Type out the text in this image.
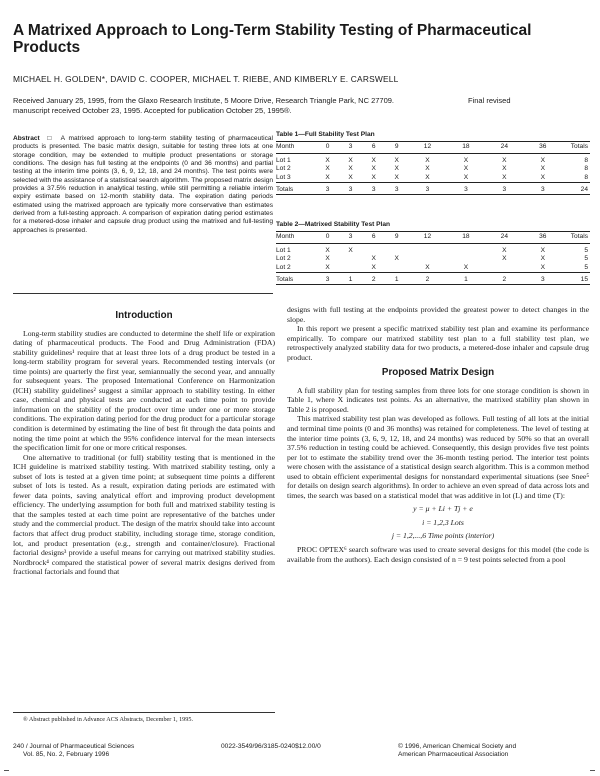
A Matrixed Approach to Long-Term Stability Testing of Pharmaceutical Products
MICHAEL H. GOLDEN*, DAVID C. COOPER, MICHAEL T. RIEBE, AND KIMBERLY E. CARSWELL
Received January 25, 1995, from the Glaxo Research Institute, 5 Moore Drive, Research Triangle Park, NC 27709.	Final revised
manuscript received October 23, 1995. Accepted for publication October 25, 1995®.
Abstract  □  A matrixed approach to long-term stability testing of pharmaceutical products is presented. The basic matrix design, suitable for testing three lots at one storage condition, may be extended to multiple product presentations or storage conditions. The design has full testing at the endpoints (0 and 36 months) and partial testing at the interim time points (3, 6, 9, 12, 18, and 24 months). The test points were selected with the assistance of a statistical search algorithm. The proposed matrix design provides a 37.5% reduction in analytical testing, while still permitting a reliable interim expiry estimate based on 12-month stability data. The expiration dating periods estimated using the matrixed approach are typically more conservative than estimates derived from a full-testing approach. A comparison of expiration dating period estimates for a metered-dose inhaler and capsule drug product using the matrixed and full-testing approaches is presented.
Table 1—Full Stability Test Plan
Month	0	3	6	9	12	18	24	36	Totals
Lot 1	X	X	X	X	X	X	X	X	8
Lot 2	X	X	X	X	X	X	X	X	8
Lot 3	X	X	X	X	X	X	X	X	8
Totals	3	3	3	3	3	3	3	3	24
Table 2—Matrixed Stability Test Plan
Month	0	3	6	9	12	18	24	36	Totals
Lot 1	X	X					X	X	5
Lot 2	X		X	X			X	X	5
Lot 2	X		X		X	X		X	5
Totals	3	1	2	1	2	1	2	3	15
Introduction

Long-term stability studies are conducted to determine the shelf life or expiration dating of pharmaceutical products. The Food and Drug Administration (FDA) stability guidelines¹ require that at least three lots of a drug product be tested in a long-term stability program for several years. Recommended testing intervals (or time points) are quarterly the first year, semiannually the second year, and annually for subsequent years. The proposed International Conference on Harmonization (ICH) stability guidelines² suggest a similar approach to stability testing. In either case, chemical and physical tests are conducted at each time point to provide information on the stability of the product over time under one or more storage conditions. The expiration dating period for the drug product for a particular storage condition is determined by estimating the line of best fit through the data points and noting the time point at which the 95% confidence interval for the mean intersects the specification limit for one or more critical responses.

One alternative to traditional (or full) stability testing that is mentioned in the ICH guideline is matrixed stability testing. With matrixed stability testing, only a subset of lots is tested at a given time point; at subsequent time points a different subset of lots is tested. As a result, expiration dating periods are estimated with fewer data points, saving analytical effort and improving product development efficiency. The underlying assumption for both full and matrixed stability testing is that the samples tested at each time point are representative of the batches under study and the commercial product. The design of the matrix should take into account factors that affect drug product stability, including storage time, storage condition, lot, and product presentation (e.g., strength and container/closure). Fractional factorial designs³ provide a useful means for carrying out matrixed stability studies. Nordbrock⁴ compared the statistical power of several matrix designs derived from fractional factorials and found that

® Abstract published in Advance ACS Abstracts, December 1, 1995.

designs with full testing at the endpoints provided the greatest power to detect changes in the slope.

In this report we present a specific matrixed stability test plan and examine its performance empirically. To compare our matrixed stability test plan to a full stability test plan, we retrospectively analyzed stability data for two products, a metered-dose inhaler and capsule drug product.

Proposed Matrix Design

A full stability plan for testing samples from three lots for one storage condition is shown in Table 1, where X indicates test points. As an alternative, the matrixed stability plan shown in Table 2 is proposed.

This matrixed stability test plan was developed as follows. Full testing of all lots at the initial and terminal time points (0 and 36 months) was retained for completeness. The level of testing at the interior time points (3, 6, 9, 12, 18, and 24 months) was reduced by 50% so that an overall 37.5% reduction in testing could be achieved. Consequently, this design provides five test points per lot to estimate the stability trend over the 36-month testing period. The interior test points were chosen with the assistance of a statistical design search algorithm. This is a common method used to obtain efficient experimental designs for nonstandard experimental situations (see Snee⁵ for details on design search algorithms). In order to achieve an even spread of data across lots and times, the search was based on a statistical model that was additive in lot (L) and time (T):

y = μ + Li + Tj + e

i = 1,2,3 Lots

j = 1,2,...,6 Time points (interior)

PROC OPTEX⁶ search software was used to create several designs for this model (the code is available from the authors). Each design consisted of n = 9 test points selected from a pool

240 / Journal of Pharmaceutical Sciences
Vol. 85, No. 2, February 1996
0022-3549/96/3185-0240$12.00/0	© 1996, American Chemical Society and
American Pharmaceutical Association
